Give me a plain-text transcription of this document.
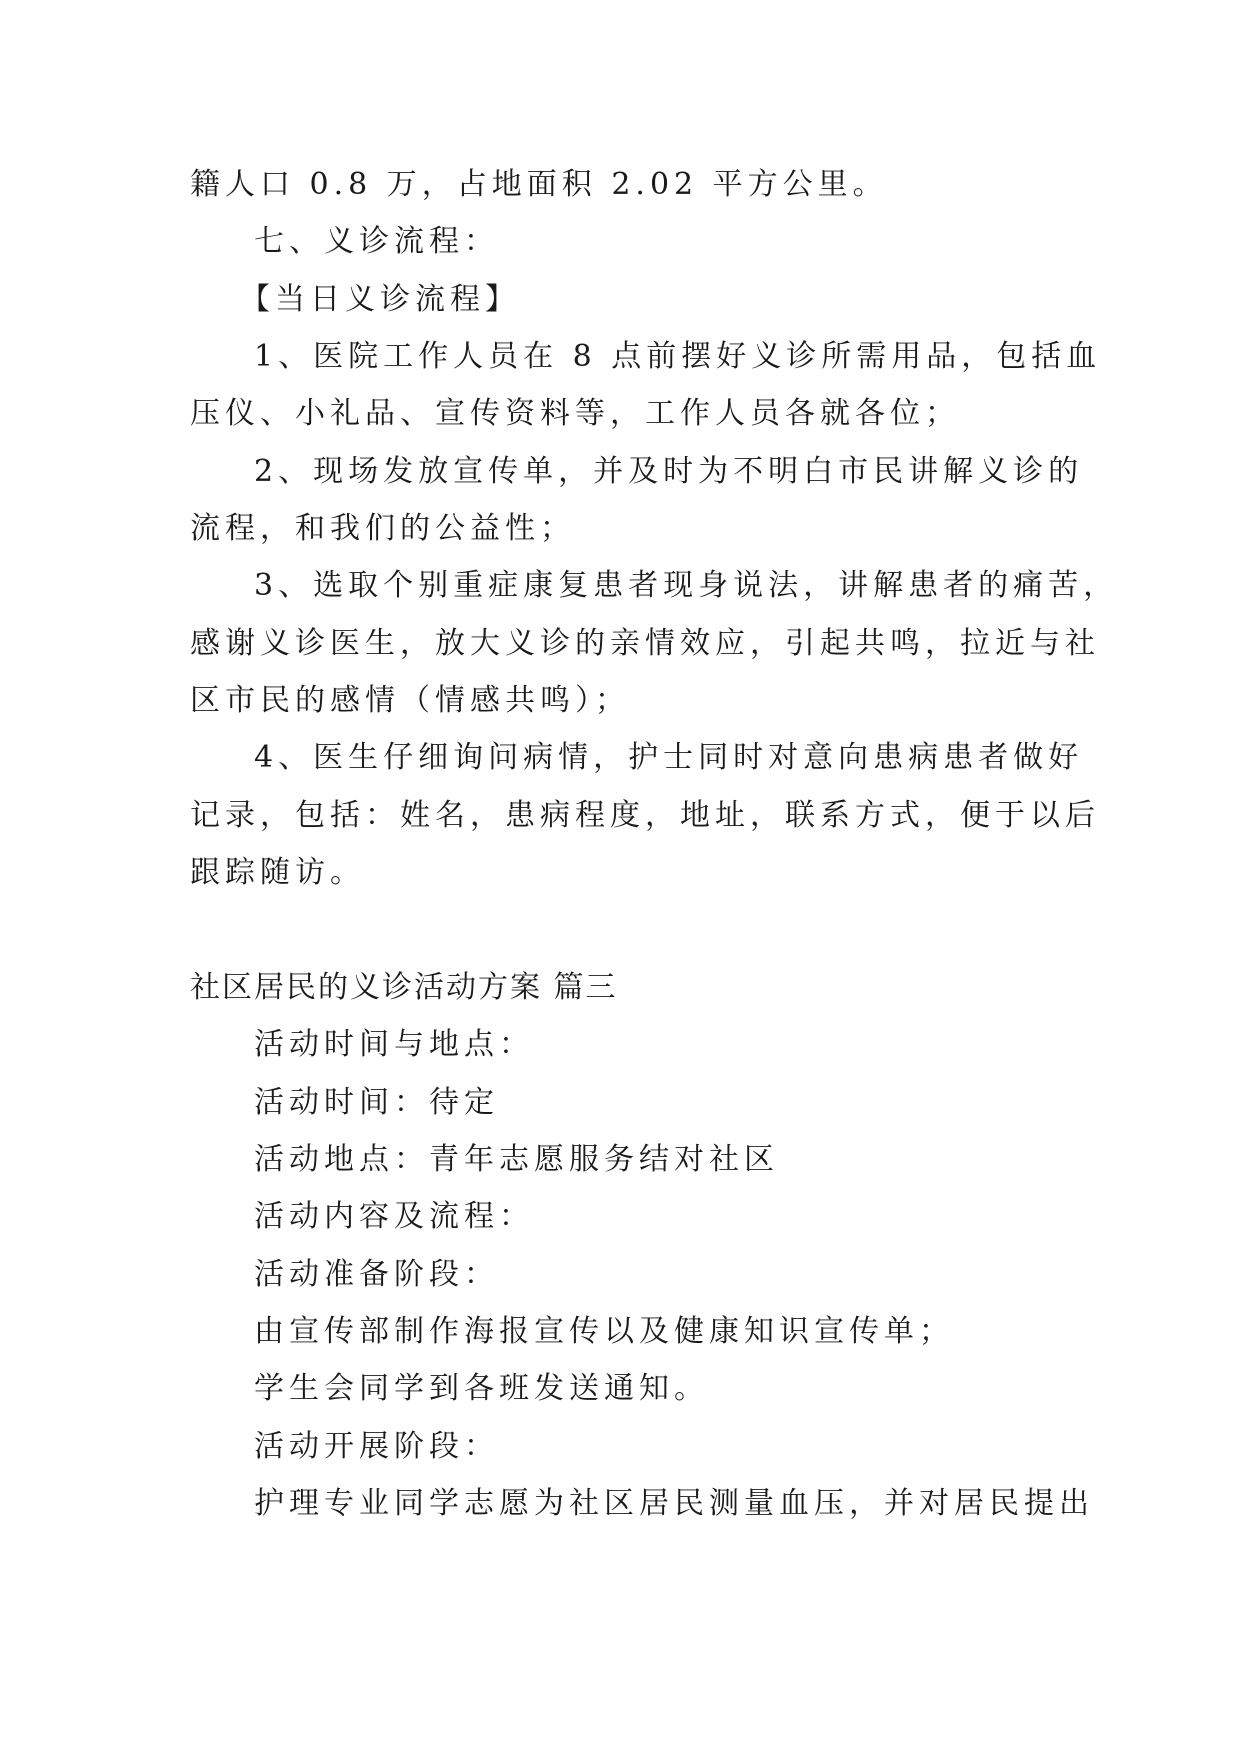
籍人口 0.8 万，占地面积 2.02 平方公里。
七、义诊流程：
【当日义诊流程】
1、医院工作人员在 8 点前摆好义诊所需用品，包括血
压仪、小礼品、宣传资料等，工作人员各就各位；
2、现场发放宣传单，并及时为不明白市民讲解义诊的
流程，和我们的公益性；
3、选取个别重症康复患者现身说法，讲解患者的痛苦，
感谢义诊医生，放大义诊的亲情效应，引起共鸣，拉近与社
区市民的感情（情感共鸣）；
4、医生仔细询问病情，护士同时对意向患病患者做好
记录，包括：姓名，患病程度，地址，联系方式，便于以后
跟踪随访。
社区居民的义诊活动方案 篇三
活动时间与地点：
活动时间：待定
活动地点：青年志愿服务结对社区
活动内容及流程：
活动准备阶段：
由宣传部制作海报宣传以及健康知识宣传单；
学生会同学到各班发送通知。
活动开展阶段：
护理专业同学志愿为社区居民测量血压，并对居民提出
